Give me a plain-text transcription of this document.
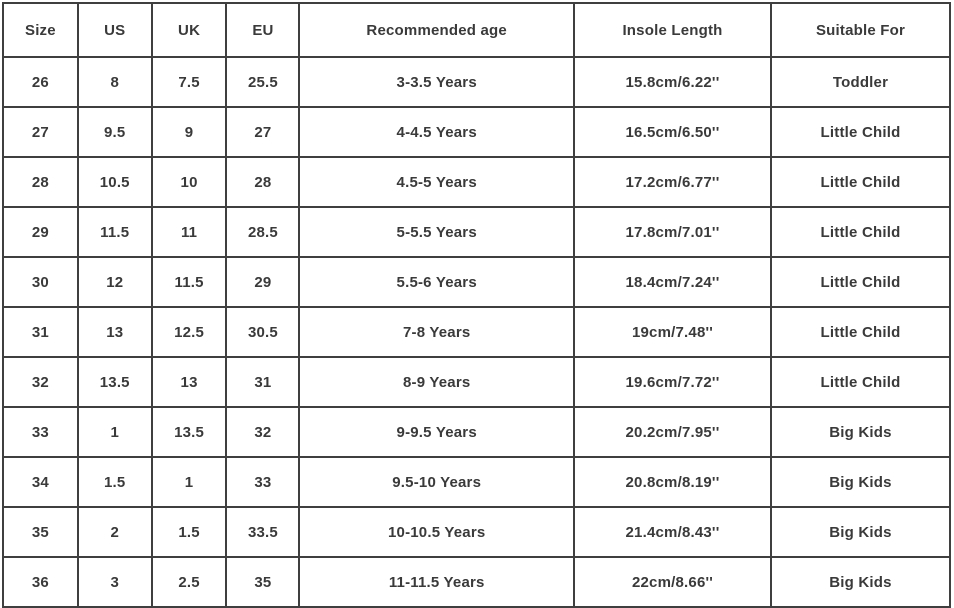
Size	US	UK	EU	Recommended age	Insole Length	Suitable For
26	8	7.5	25.5	3-3.5 Years	15.8cm/6.22''	Toddler
27	9.5	9	27	4-4.5 Years	16.5cm/6.50''	Little Child
28	10.5	10	28	4.5-5 Years	17.2cm/6.77''	Little Child
29	11.5	11	28.5	5-5.5 Years	17.8cm/7.01''	Little Child
30	12	11.5	29	5.5-6 Years	18.4cm/7.24''	Little Child
31	13	12.5	30.5	7-8 Years	19cm/7.48''	Little Child
32	13.5	13	31	8-9 Years	19.6cm/7.72''	Little Child
33	1	13.5	32	9-9.5 Years	20.2cm/7.95''	Big Kids
34	1.5	1	33	9.5-10 Years	20.8cm/8.19''	Big Kids
35	2	1.5	33.5	10-10.5 Years	21.4cm/8.43''	Big Kids
36	3	2.5	35	11-11.5 Years	22cm/8.66''	Big Kids
